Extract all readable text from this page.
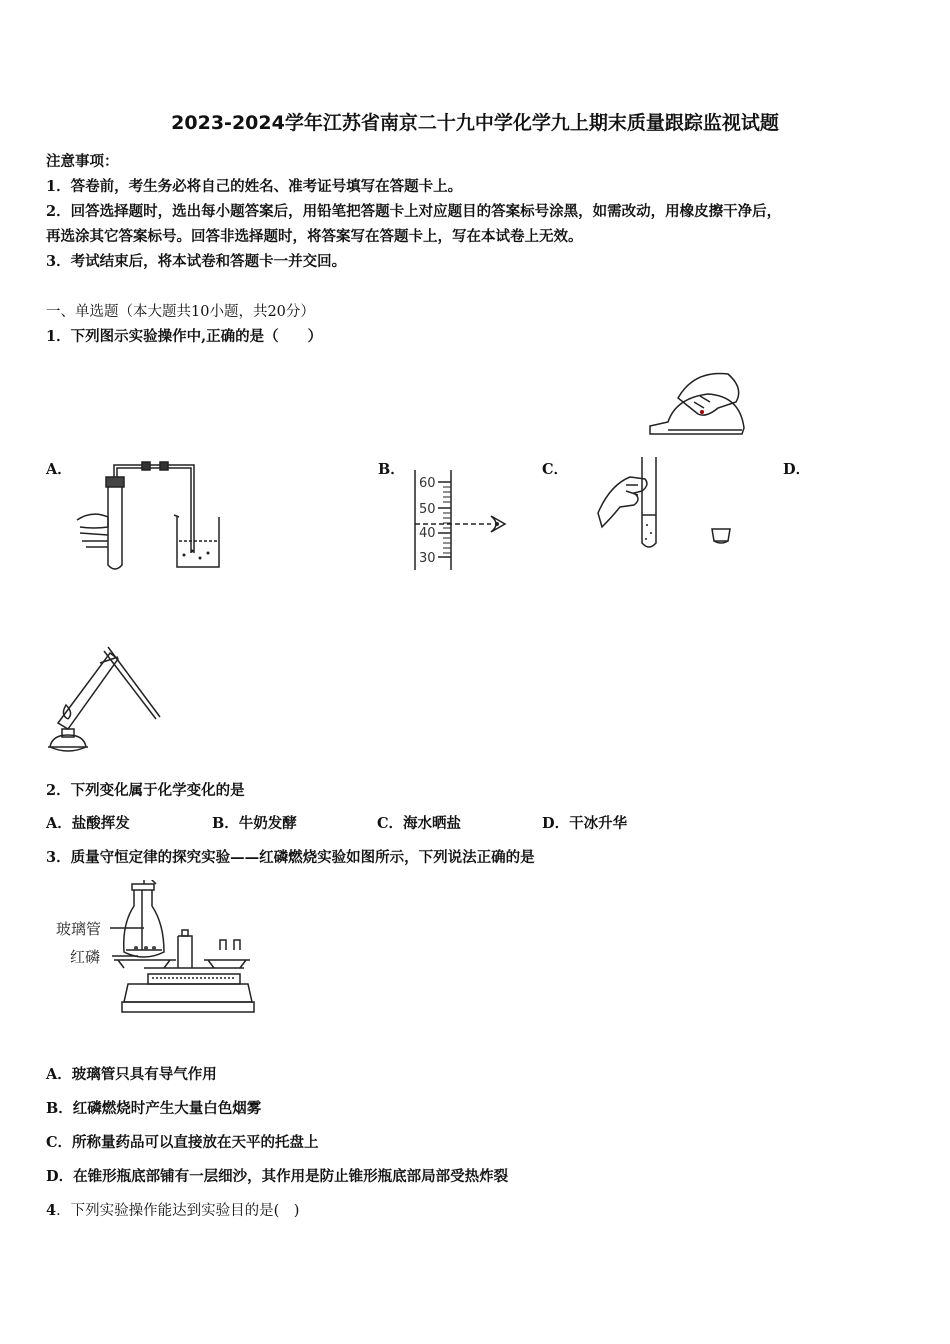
2023-2024学年江苏省南京二十九中学化学九上期末质量跟踪监视试题
注意事项：
1．答卷前，考生务必将自己的姓名、准考证号填写在答题卡上。
2．回答选择题时，选出每小题答案后，用铅笔把答题卡上对应题目的答案标号涂黑，如需改动，用橡皮擦干净后，
再选涂其它答案标号。回答非选择题时，将答案写在答题卡上，写在本试卷上无效。
3．考试结束后，将本试卷和答题卡一并交回。
一、单选题（本大题共10小题，共20分）
1．下列图示实验操作中,正确的是（　　）
A．	B．	C．	D．
60
50
40
30
2．下列变化属于化学变化的是
A．盐酸挥发	B．牛奶发酵	C．海水晒盐	D．干冰升华
3．质量守恒定律的探究实验——红磷燃烧实验如图所示，下列说法正确的是
玻璃管
红磷
A．玻璃管只具有导气作用
B．红磷燃烧时产生大量白色烟雾
C．所称量药品可以直接放在天平的托盘上
D．在锥形瓶底部铺有一层细沙，其作用是防止锥形瓶底部局部受热炸裂
4．下列实验操作能达到实验目的是(　)
